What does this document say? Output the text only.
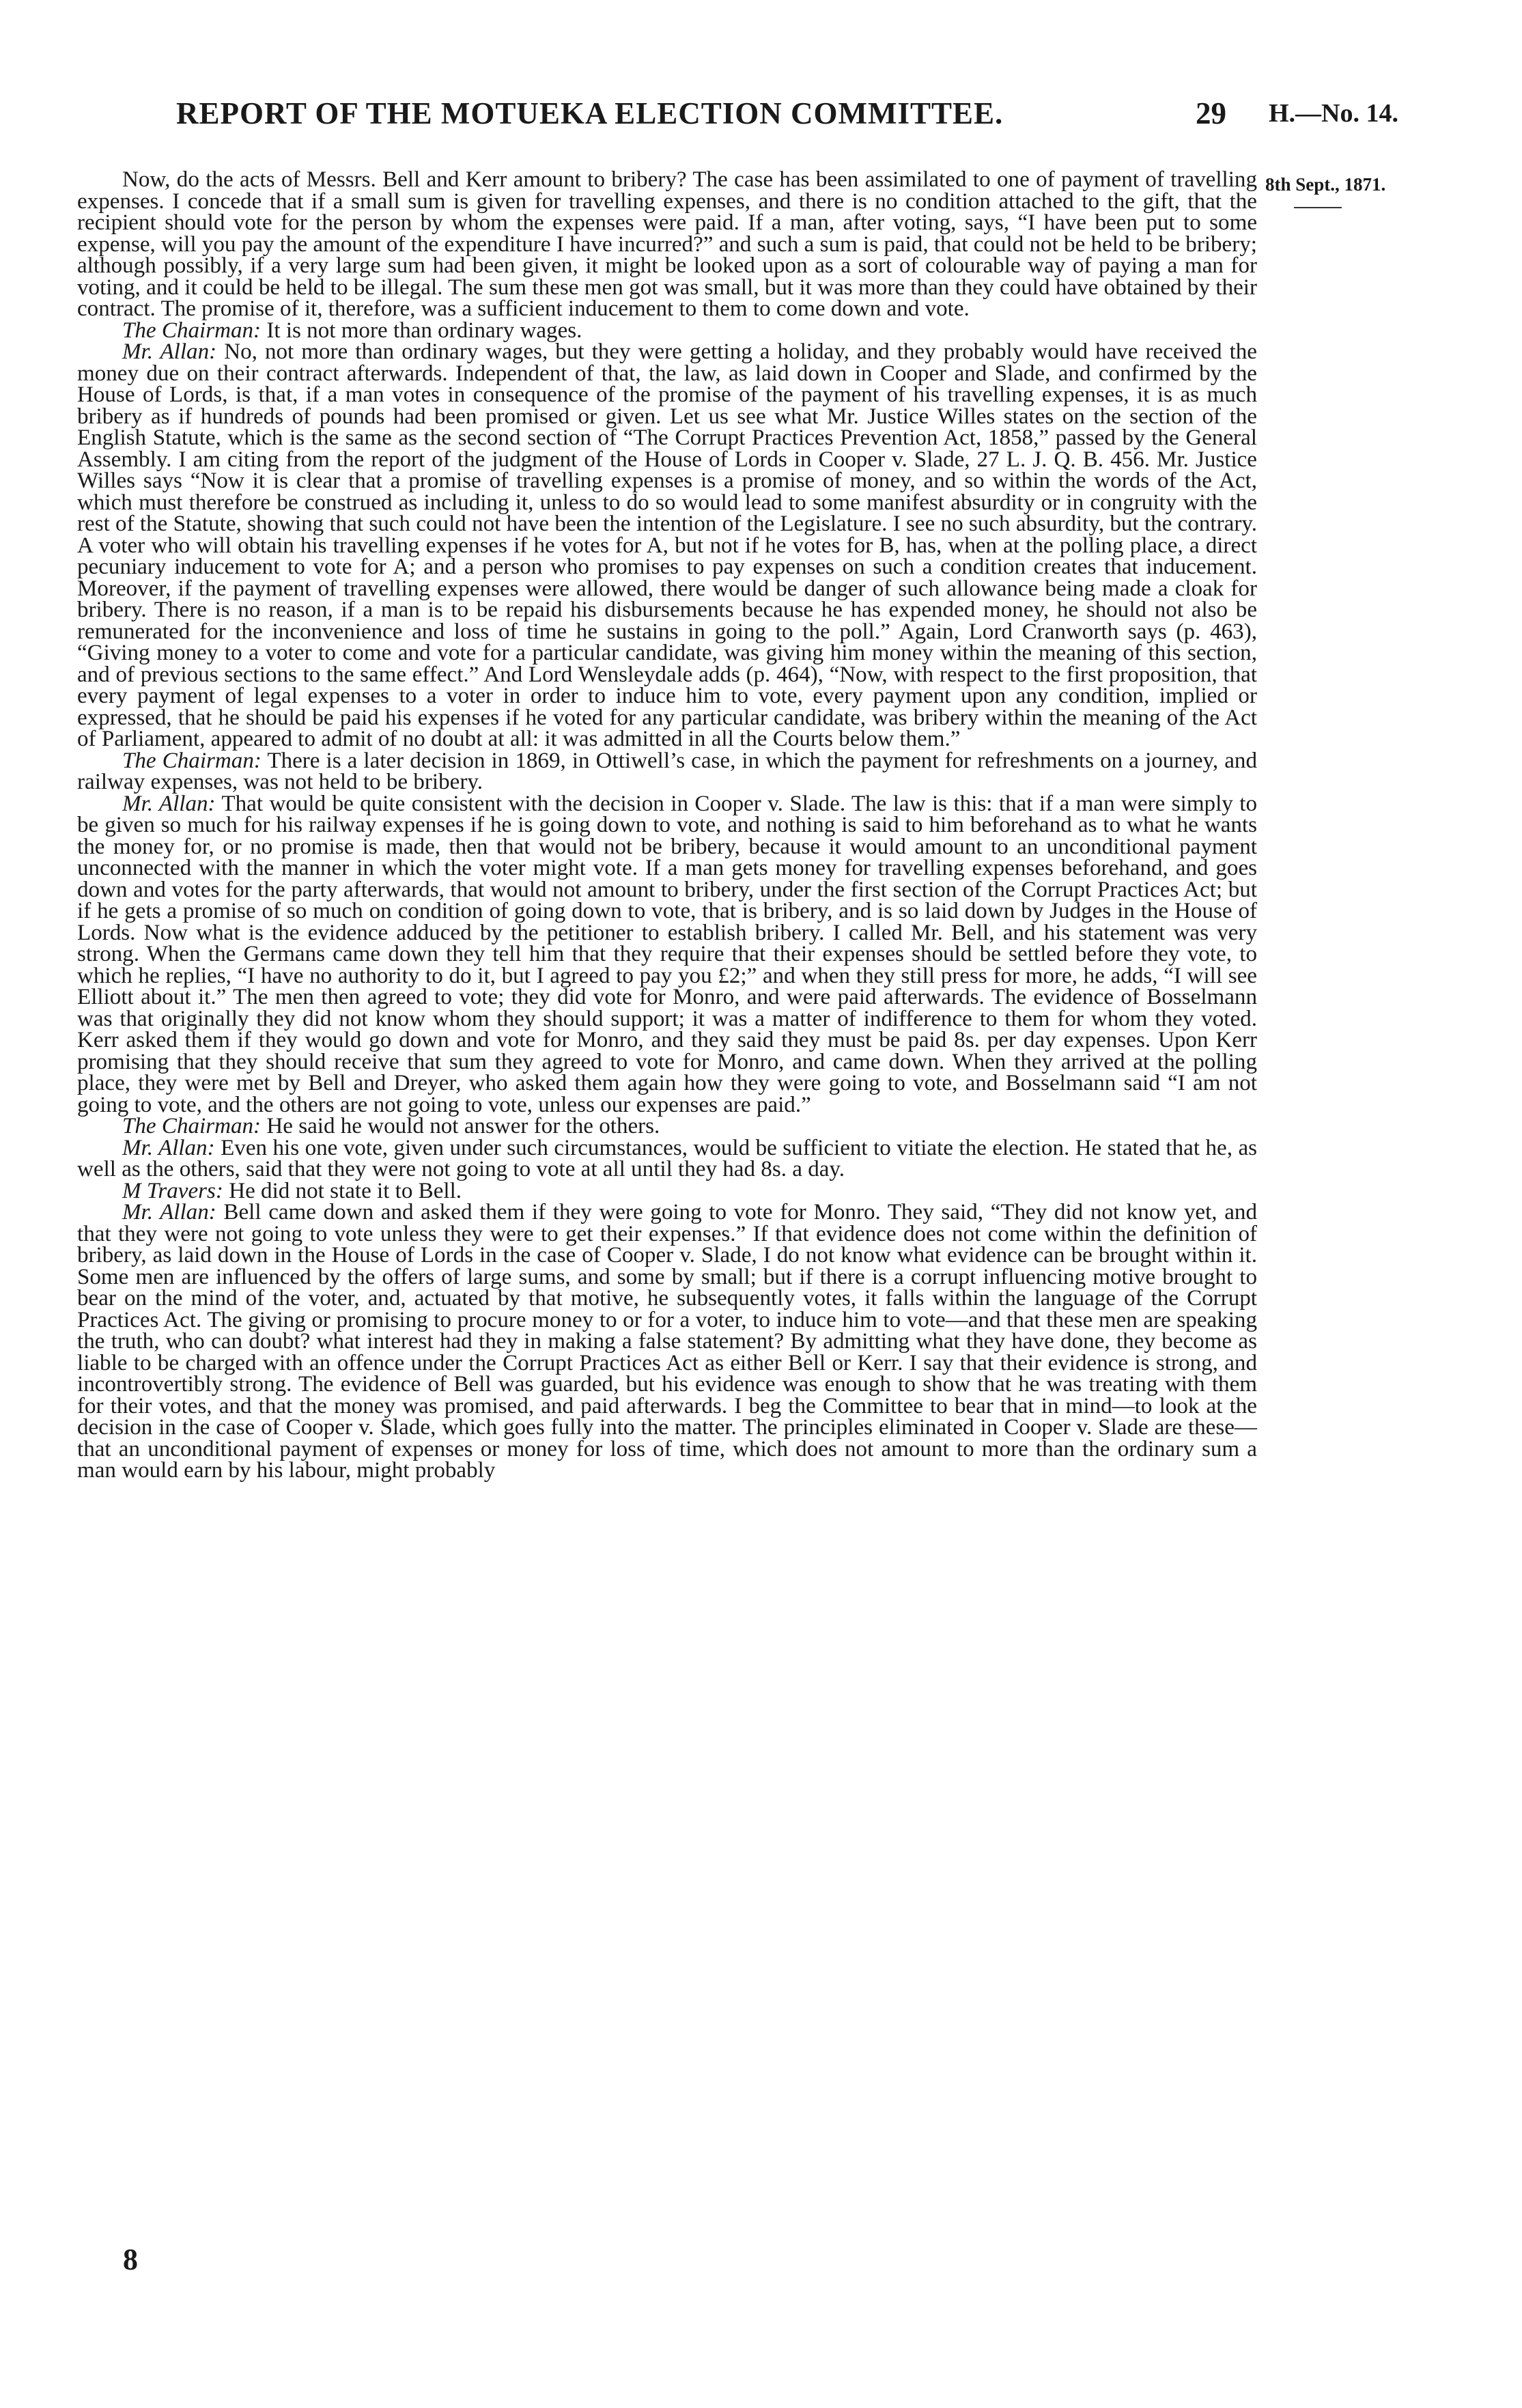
REPORT OF THE MOTUEKA ELECTION COMMITTEE.	29 H.—No. 14.
8th Sept., 1871.

Now, do the acts of Messrs. Bell and Kerr amount to bribery? The case has been assimilated to one of payment of travelling expenses. I concede that if a small sum is given for travelling expenses, and there is no condition attached to the gift, that the recipient should vote for the person by whom the expenses were paid. If a man, after voting, says, “I have been put to some expense, will you pay the amount of the expenditure I have incurred?” and such a sum is paid, that could not be held to be bribery; although possibly, if a very large sum had been given, it might be looked upon as a sort of colourable way of paying a man for voting, and it could be held to be illegal. The sum these men got was small, but it was more than they could have obtained by their contract. The promise of it, therefore, was a sufficient inducement to them to come down and vote.

The Chairman: It is not more than ordinary wages.

Mr. Allan: No, not more than ordinary wages, but they were getting a holiday, and they probably would have received the money due on their contract afterwards. Independent of that, the law, as laid down in Cooper and Slade, and confirmed by the House of Lords, is that, if a man votes in consequence of the promise of the payment of his travelling expenses, it is as much bribery as if hundreds of pounds had been promised or given. Let us see what Mr. Justice Willes states on the section of the English Statute, which is the same as the second section of “The Corrupt Practices Prevention Act, 1858,” passed by the General Assembly. I am citing from the report of the judgment of the House of Lords in Cooper v. Slade, 27 L. J. Q. B. 456. Mr. Justice Willes says “Now it is clear that a promise of travelling expenses is a promise of money, and so within the words of the Act, which must therefore be construed as including it, unless to do so would lead to some manifest absurdity or in congruity with the rest of the Statute, showing that such could not have been the intention of the Legislature. I see no such absurdity, but the contrary. A voter who will obtain his travelling expenses if he votes for A, but not if he votes for B, has, when at the polling place, a direct pecuniary inducement to vote for A; and a person who promises to pay expenses on such a condition creates that inducement. Moreover, if the payment of travelling expenses were allowed, there would be danger of such allowance being made a cloak for bribery. There is no reason, if a man is to be repaid his disbursements because he has expended money, he should not also be remunerated for the inconvenience and loss of time he sustains in going to the poll.” Again, Lord Cranworth says (p. 463), “Giving money to a voter to come and vote for a particular candidate, was giving him money within the meaning of this section, and of previous sections to the same effect.” And Lord Wensleydale adds (p. 464), “Now, with respect to the first proposition, that every payment of legal expenses to a voter in order to induce him to vote, every payment upon any condition, implied or expressed, that he should be paid his expenses if he voted for any particular candidate, was bribery within the meaning of the Act of Parliament, appeared to admit of no doubt at all: it was admitted in all the Courts below them.”

The Chairman: There is a later decision in 1869, in Ottiwell’s case, in which the payment for refreshments on a journey, and railway expenses, was not held to be bribery.

Mr. Allan: That would be quite consistent with the decision in Cooper v. Slade. The law is this: that if a man were simply to be given so much for his railway expenses if he is going down to vote, and nothing is said to him beforehand as to what he wants the money for, or no promise is made, then that would not be bribery, because it would amount to an unconditional payment unconnected with the manner in which the voter might vote. If a man gets money for travelling expenses beforehand, and goes down and votes for the party afterwards, that would not amount to bribery, under the first section of the Corrupt Practices Act; but if he gets a promise of so much on condition of going down to vote, that is bribery, and is so laid down by Judges in the House of Lords. Now what is the evidence adduced by the petitioner to establish bribery. I called Mr. Bell, and his statement was very strong. When the Germans came down they tell him that they require that their expenses should be settled before they vote, to which he replies, “I have no authority to do it, but I agreed to pay you £2;” and when they still press for more, he adds, “I will see Elliott about it.” The men then agreed to vote; they did vote for Monro, and were paid afterwards. The evidence of Bosselmann was that originally they did not know whom they should support; it was a matter of indifference to them for whom they voted. Kerr asked them if they would go down and vote for Monro, and they said they must be paid 8s. per day expenses. Upon Kerr promising that they should receive that sum they agreed to vote for Monro, and came down. When they arrived at the polling place, they were met by Bell and Dreyer, who asked them again how they were going to vote, and Bosselmann said “I am not going to vote, and the others are not going to vote, unless our expenses are paid.”

The Chairman: He said he would not answer for the others.

Mr. Allan: Even his one vote, given under such circumstances, would be sufficient to vitiate the election. He stated that he, as well as the others, said that they were not going to vote at all until they had 8s. a day.

M Travers: He did not state it to Bell.

Mr. Allan: Bell came down and asked them if they were going to vote for Monro. They said, “They did not know yet, and that they were not going to vote unless they were to get their expenses.” If that evidence does not come within the definition of bribery, as laid down in the House of Lords in the case of Cooper v. Slade, I do not know what evidence can be brought within it. Some men are influenced by the offers of large sums, and some by small; but if there is a corrupt influencing motive brought to bear on the mind of the voter, and, actuated by that motive, he subsequently votes, it falls within the language of the Corrupt Practices Act. The giving or promising to procure money to or for a voter, to induce him to vote—and that these men are speaking the truth, who can doubt? what interest had they in making a false statement? By admitting what they have done, they become as liable to be charged with an offence under the Corrupt Practices Act as either Bell or Kerr. I say that their evidence is strong, and incontrovertibly strong. The evidence of Bell was guarded, but his evidence was enough to show that he was treating with them for their votes, and that the money was promised, and paid afterwards. I beg the Committee to bear that in mind—to look at the decision in the case of Cooper v. Slade, which goes fully into the matter. The principles eliminated in Cooper v. Slade are these—that an unconditional payment of expenses or money for loss of time, which does not amount to more than the ordinary sum a man would earn by his labour, might probably

8
